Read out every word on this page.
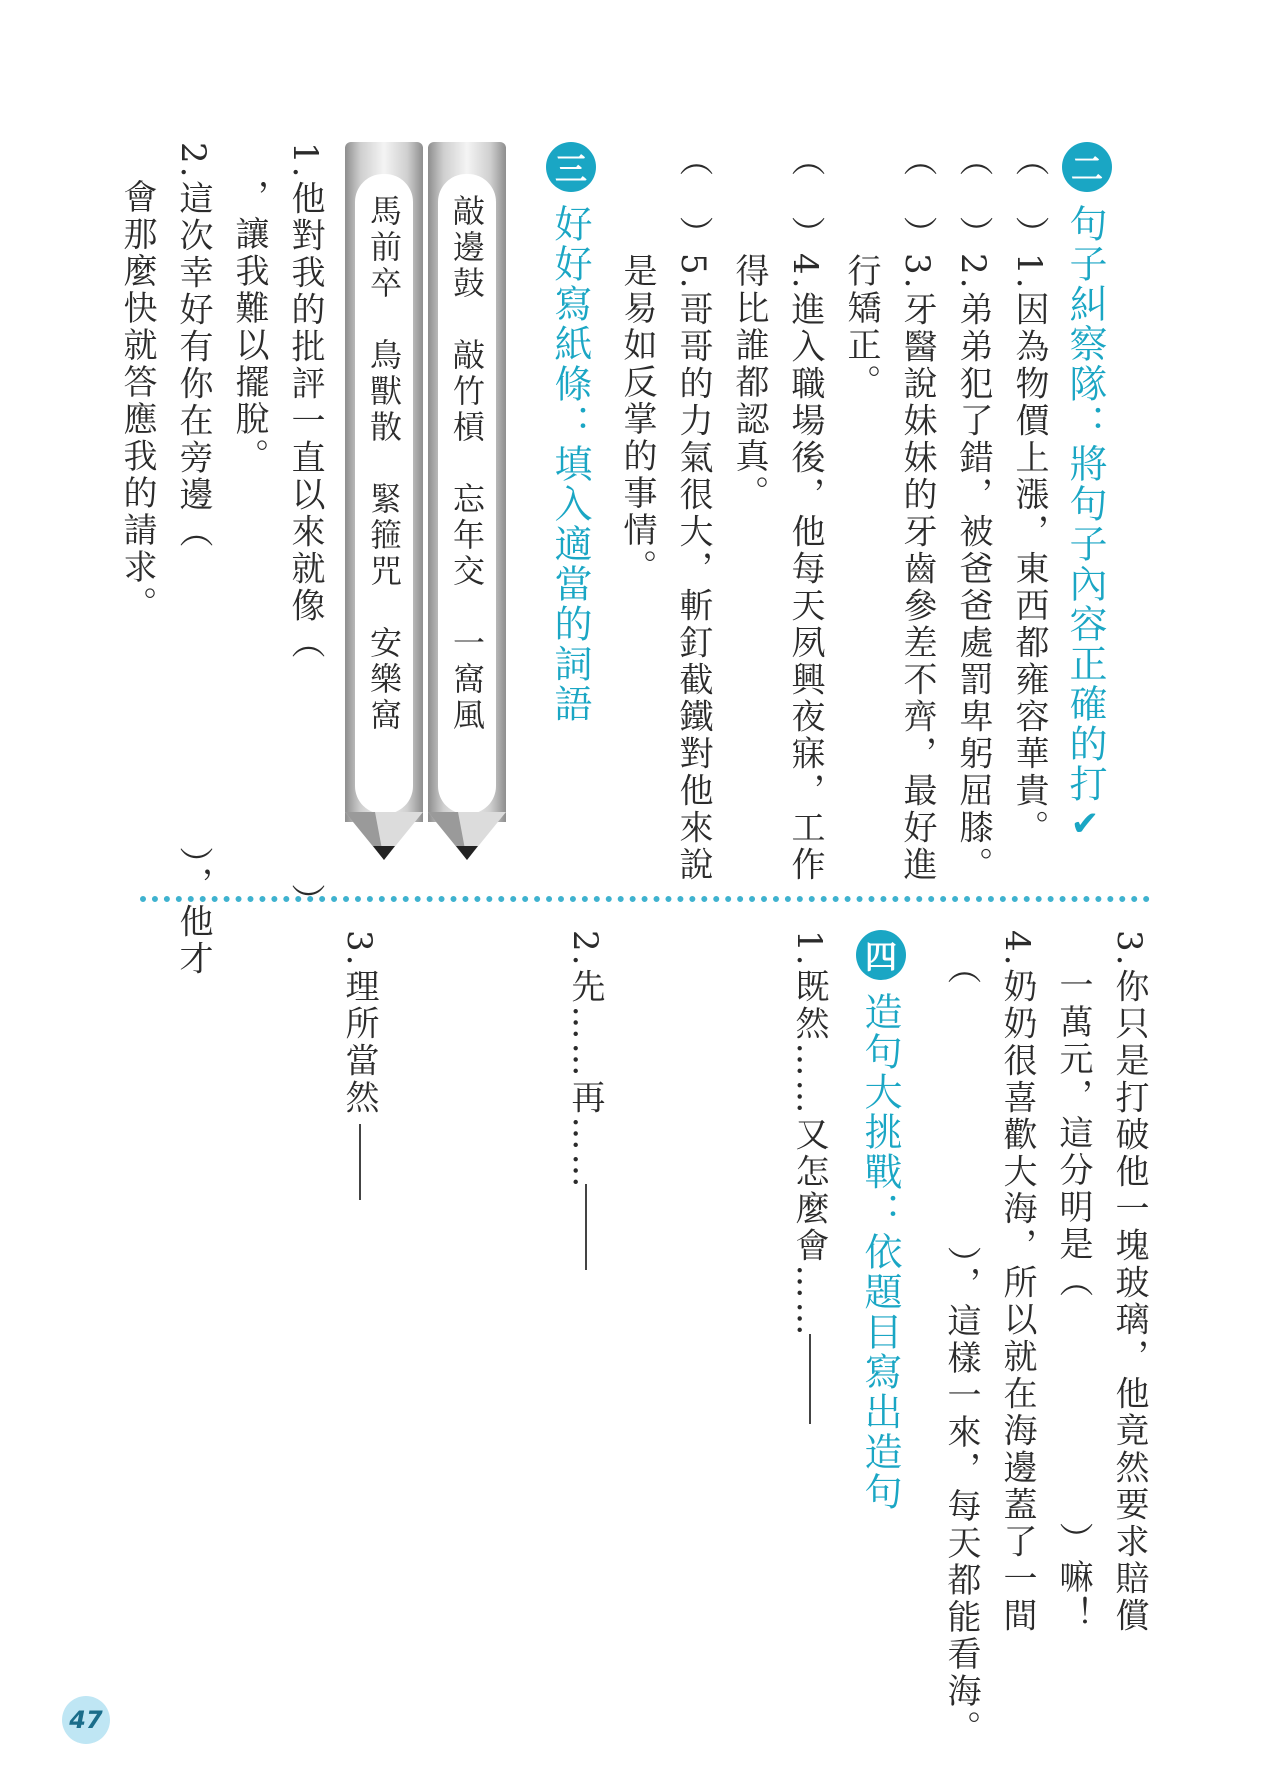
二
句子糾察隊：將句子內容正確的打✔
（　）1.因為物價上漲，東西都雍容華貴。
（　）2.弟弟犯了錯，被爸爸處罰卑躬屈膝。
（　）3.牙醫說妹妹的牙齒參差不齊，最好進
　　　行矯正。
（　）4.進入職場後，他每天夙興夜寐，工作
　　　得比誰都認真。
（　）5.哥哥的力氣很大，斬釘截鐵對他來說
　　　是易如反掌的事情。
三
好好寫紙條：填入適當的詞語
敲邊鼓　敲竹槓　忘年交　一窩風
馬前卒　鳥獸散　緊箍咒　安樂窩
1.他對我的批評一直以來就像（　　　　　　）
　，讓我難以擺脫。
2.這次幸好有你在旁邊（　　　　　　　　），他才
　會那麼快就答應我的請求。
3.你只是打破他一塊玻璃，他竟然要求賠償
　一萬元，這分明是（　　　　　　）嘛！
4.奶奶很喜歡大海，所以就在海邊蓋了一間
　（　　　　　　　），這樣一來，每天都能看海。
四
造句大挑戰：依題目寫出造句
1.既然……又怎麼會……
2.先……再……
3.理所當然
47
